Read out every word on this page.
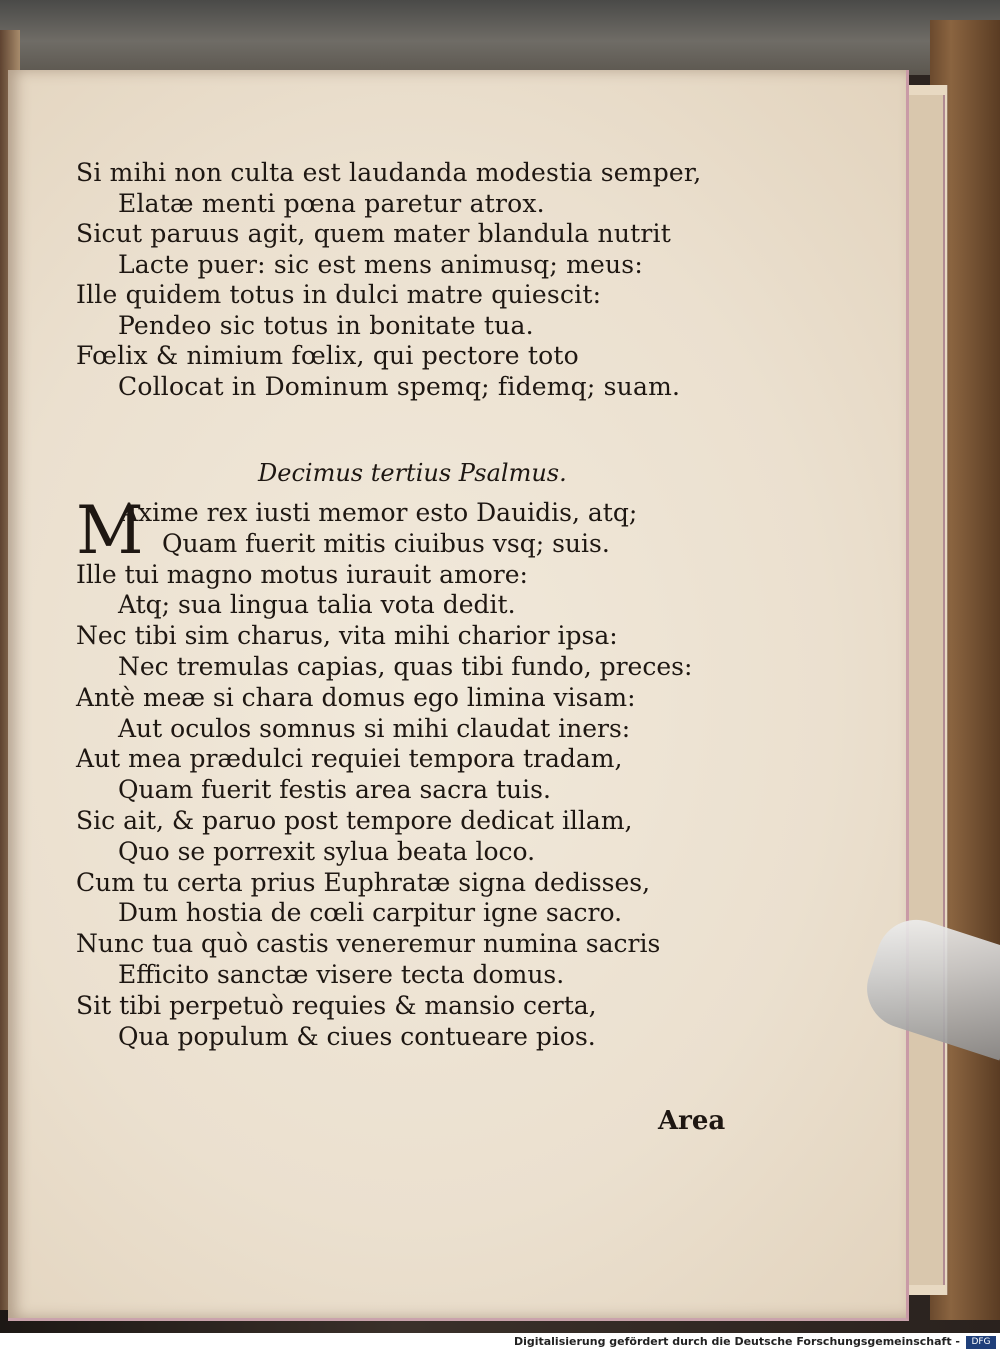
Si mihi non culta est laudanda modestia semper,
Elatæ menti pœna paretur atrox.
Sicut paruus agit, quem mater blandula nutrit
Lacte puer: sic est mens animusq; meus:
Ille quidem totus in dulci matre quiescit:
Pendeo sic totus in bonitate tua.
Fœlix & nimium fœlix, qui pectore toto
Collocat in Dominum spemq; fidemq; suam.
Decimus tertius Psalmus.
M
Axime rex iusti memor esto Dauidis, atq;
Quam fuerit mitis ciuibus vsq; suis.
Ille tui magno motus iurauit amore:
Atq; sua lingua talia vota dedit.
Nec tibi sim charus, vita mihi charior ipsa:
Nec tremulas capias, quas tibi fundo, preces:
Antè meæ si chara domus ego limina visam:
Aut oculos somnus si mihi claudat iners:
Aut mea prædulci requiei tempora tradam,
Quam fuerit festis area sacra tuis.
Sic ait, & paruo post tempore dedicat illam,
Quo se porrexit sylua beata loco.
Cum tu certa prius Euphratæ signa dedisses,
Dum hostia de cœli carpitur igne sacro.
Nunc tua quò castis veneremur numina sacris
Efficito sanctæ visere tecta domus.
Sit tibi perpetuò requies & mansio certa,
Qua populum & ciues contueare pios.
Area
Digitalisierung gefördert durch die Deutsche Forschungsgemeinschaft -	DFG
